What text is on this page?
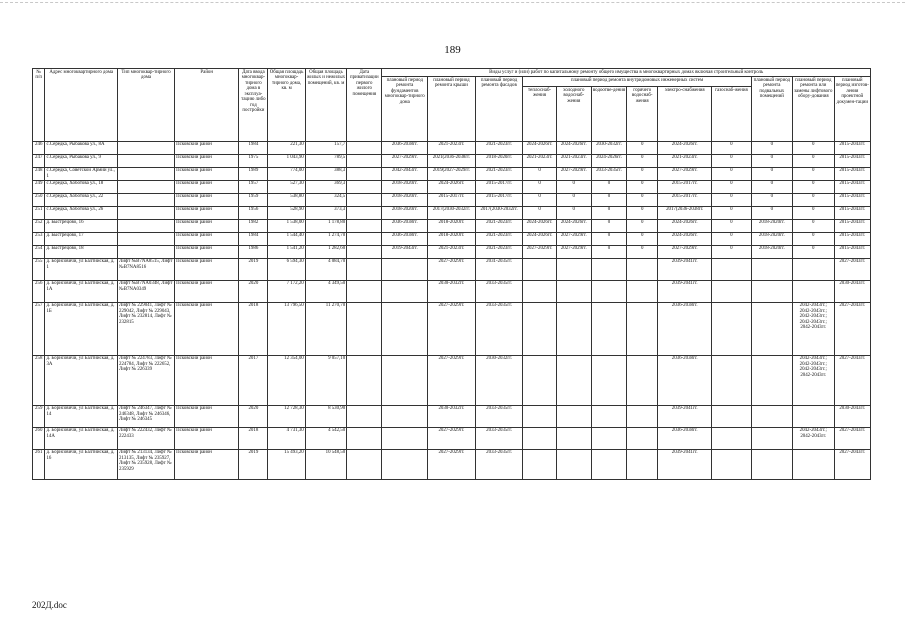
189
№ п/п	Адрес многоквартирного дома	Тип многоквар-тирного дома	Район	Дата ввода многоквар-тирного дома в эксплуа-тацию либо год постройки	Общая площадь многоквар-тирного дома, кв. м	Общая площадь жилых и нежилых помещений, кв. м	Дата приватизации первого жилого помещения	Виды услуг и (или) работ по капитальному ремонту общего имущества в многоквартирных домах включая строительный контроль											
								плановый период ремонта фундаментов многоквар-тирного дома	плановый период ремонта крыши	плановый период ремонта фасадов	плановый период ремонта внутридомовых инженерных систем						плановый период ремонта подвальных помещений	плановый период ремонта или замены лифтового обору-дования	плановый период изготов-ления проектной докумен-тации
											теплоснаб-жения	холодного водоснаб-жения	водоотве-дения	горячего водоснаб-жения	электро-снабжения	газоснаб-жения			
246	с.Середка, Рыбакова ул., 8А		Псковский район	1984	221,30	157,7		2036-2038гг.	2021-2023гг.	2021-2023гг.	2024-2026гг.	2024-2026гг.	2030-2032гг.	0	2024-2026гг.	0	0	0	2015-2043гг.
247	с.Середка, Рыбакова ул., 9		Псковский район	1975	1 043,90	789,5		2027-2029гг.	2021(2036-2038гг.	2018-2020гг.	2021-2023гг.	2021-2023гг.	2024-2026гг.	0	2021-2023гг.	0	0	0	2015-2043гг.
248	с.Середка, Советской Армии ул., 1		Псковский район	1989	774,00	388,3		2042-2043гг.	2019(2027-2029гг.	2021-2023гг.	0	2027-2029гг.	2033-2035гг.	0	2027-2029гг.	0	0	0	2015-2043гг.
249	с.Середка, Хоботова ул., 18		Псковский район	1957	527,30	369,3		2018-2020гг.	2024-2026гг.	2015-2017гг.	0	0	0	0	2015-2017гг.	0	0	0	2015-2043гг.
250	с.Середка, Хоботова ул., 22		Псковский район	1959	538,80	324,5		2018-2020гг.	2015-2017гг.	2015-2017гг.	0	0	0	0	2015-2017гг.	0	0	0	2015-2043гг.
251	с.Середка, Хоботова ул., 26		Псковский район	1956	528,90	373,3		2018-2020гг.	2017(2030-2032гг.	2017(2030-2032гг.	0	0	0	0	2017(2036-2038гг.	0	0	0	2015-2043гг.
252	д. Быстрецово, 16		Псковский район	1982	1 538,00	1 178,80		2036-2038гг.	2018-2020гг.	2021-2023гг.	2024-2026гг.	2024-2026гг.	0	0	2024-2026гг.	0	2018-2020гг.	0	2015-2043гг.
253	д. Быстрецово, 17		Псковский район	1984	1 544,40	1 274,70		2036-2038гг.	2018-2020гг.	2021-2023гг.	2024-2026гг.	2027-2029гг.	0	0	2024-2026гг.	0	2018-2020гг.	0	2015-2043гг.
254	д. Быстрецово, 18		Псковский район	1986	1 541,20	1 282,60		2019-2043гг.	2021-2023гг.	2021-2023гг.	2027-2029гг.	2027-2029гг.	0	0	2027-2029гг.	0	2018-2020гг.	0	2015-2043гг.
255	д. Борисовичи, ул Балтийская, д. 1	Лифт №В7NA8515, Лифт №В7NA8516	Псковский район	2019	6 594,30	4 084,70			2027-2029гг.	2031-2035гг.					2039-2041гг.				2027-2043гг.
256	д. Борисовичи, ул Балтийская, д. 1А	Лифт №В7NA0348, Лифт №В7NA0349	Псковский район	2020	7 172,20	4 349,50			2030-2032гг.	2033-2035гг.					2039-2041гг.				2030-2043гг.
257	д. Борисовичи, ул Балтийская, д. 1Б	Лифт № 229041, Лифт № 229042, Лифт № 229043, Лифт № 232814, Лифт № 232815	Псковский район	2018	13 796,50	11 270,70			2027-2029гг.	2033-2035гг.					2036-2038гг.			2042-2043гг.; 2042-2043гг.; 2042-2043гг.; 2042-2043гг.; 2042-2043гг.	2027-2043гг.
258	д. Борисовичи, ул Балтийская, д. 3А	Лифт № 224783, Лифт № 224784, Лифт № 222652, Лифт № 226339	Псковский район	2017	12 354,00	9 057,10			2027-2029гг.	2030-2032гг.					2036-2038гг.			2042-2043гг.; 2042-2043гг.; 2042-2043гг.; 2042-2043гг.	2027-2043гг.
259	д. Борисовичи, ул Балтийская, д. 14	Лифт № 246347, Лифт № 246348, Лифт № 246346, Лифт № 246345	Псковский район	2020	12 728,30	8 530,90			2030-2032гг.	2033-2035гг.					2039-2041гг.				2030-2043гг.
260	д. Борисовичи, ул Балтийская, д. 14А	Лифт № 222432, Лифт № 222433	Псковский район	2018	4 731,30	4 542,50			2027-2029гг.	2033-2035гг.					2036-2038гг.			2042-2043гг.; 2042-2043гг.	2027-2043гг.
261	д. Борисовичи, ул Балтийская, д. 16	Лифт № 213134, Лифт № 213135, Лифт № 235927, Лифт № 235928, Лифт № 235929	Псковский район	2019	15 493,20	10 548,50			2027-2029гг.	2033-2035гг.					2039-2041гг.				2027-2043гг.
202Д.doc
